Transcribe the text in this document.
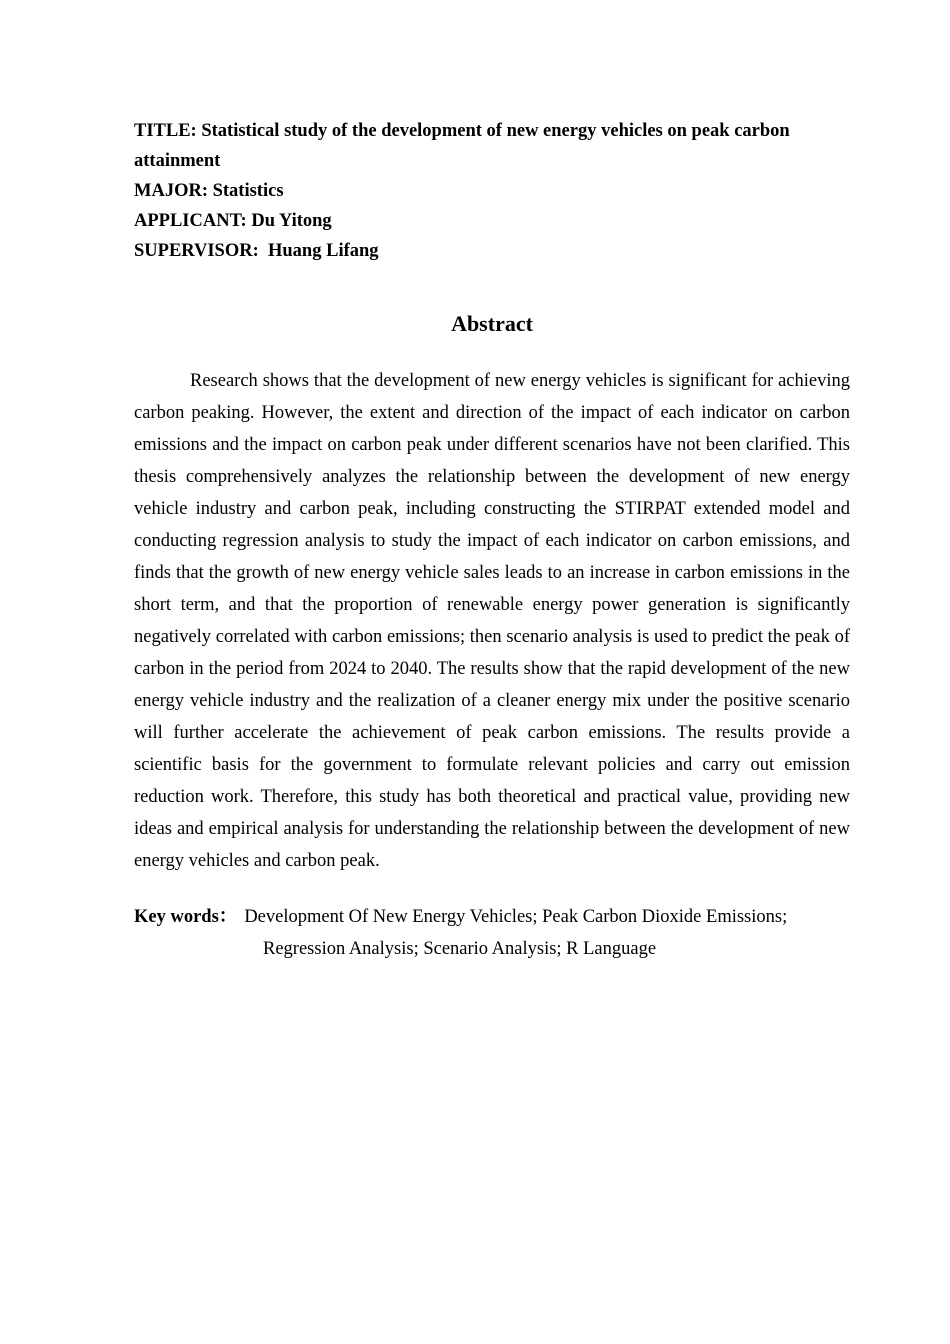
TITLE: Statistical study of the development of new energy vehicles on peak carbon attainment

MAJOR: Statistics

APPLICANT: Du Yitong

SUPERVISOR:  Huang Lifang

Abstract

Research shows that the development of new energy vehicles is significant for achieving carbon peaking. However, the extent and direction of the impact of each indicator on carbon emissions and the impact on carbon peak under different scenarios have not been clarified. This thesis comprehensively analyzes the relationship between the development of new energy vehicle industry and carbon peak, including constructing the STIRPAT extended model and conducting regression analysis to study the impact of each indicator on carbon emissions, and finds that the growth of new energy vehicle sales leads to an increase in carbon emissions in the short term, and that the proportion of renewable energy power generation is significantly negatively correlated with carbon emissions; then scenario analysis is used to predict the peak of carbon in the period from 2024 to 2040. The results show that the rapid development of the new energy vehicle industry and the realization of a cleaner energy mix under the positive scenario will further accelerate the achievement of peak carbon emissions. The results provide a scientific basis for the government to formulate relevant policies and carry out emission reduction work. Therefore, this study has both theoretical and practical value, providing new ideas and empirical analysis for understanding the relationship between the development of new energy vehicles and carbon peak.

Key words： Development Of New Energy Vehicles; Peak Carbon Dioxide Emissions; Regression Analysis; Scenario Analysis; R Language
